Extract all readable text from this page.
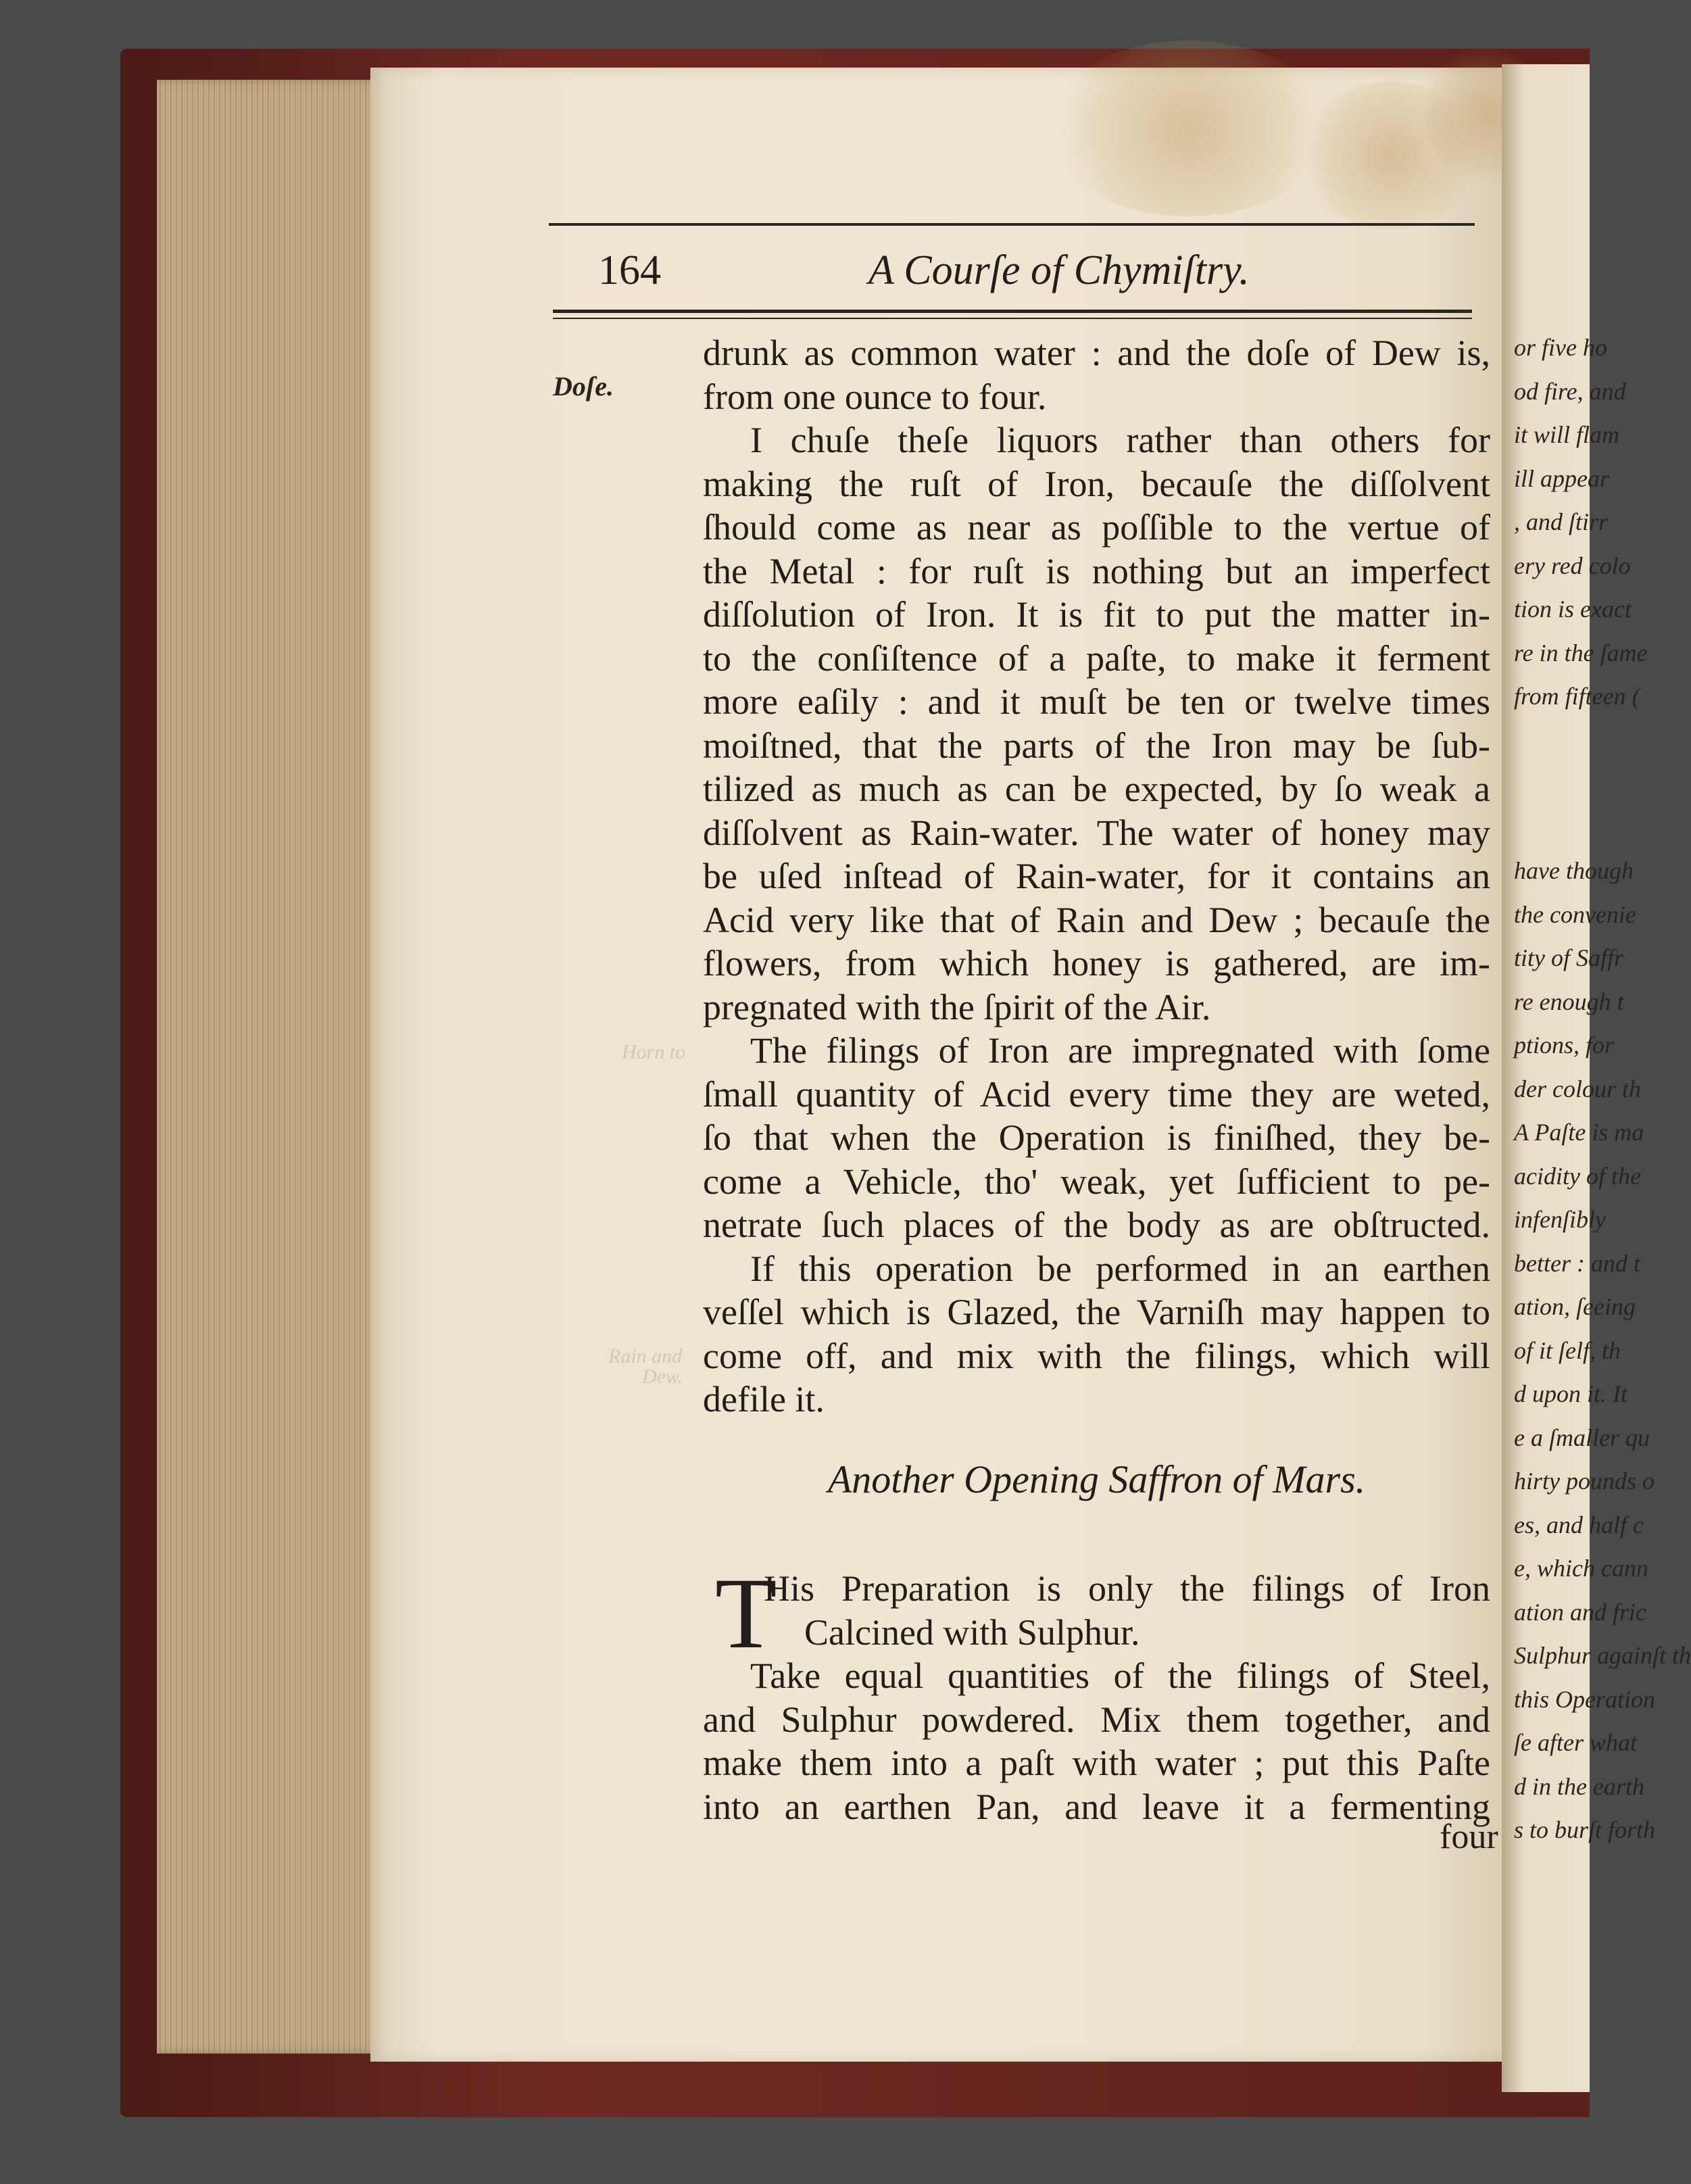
or five ho
od fire, and
it will flam
ill appear
, and ſtirr
ery red colo
tion is exact
re in the ſame
from fifteen (
have though
the convenie
tity of Saffr
re enough t
ptions, for
der colour th
A Paſte is ma
acidity of the
infenſibly
better : and t
ation, ſeeing
of it ſelf, th
d upon it. It
e a ſmaller qu
hirty pounds o
es, and half c
e, which cann
ation and fric
Sulphur againſt th
this Operation
ſe after what
d in the earth
s to burſt forth
Horn to
Rain and
Dew.
164	A Courſe of Chymiſtry.
Doſe.
drunk as common water : and the doſe of Dew is,
from one ounce to four.
I chuſe theſe liquors rather than others for
making the ruſt of Iron, becauſe the diſſolvent
ſhould come as near as poſſible to the vertue of
the Metal : for ruſt is nothing but an imperfect
diſſolution of Iron. It is fit to put the matter in-
to the conſiſtence of a paſte, to make it ferment
more eaſily : and it muſt be ten or twelve times
moiſtned, that the parts of the Iron may be ſub-
tilized as much as can be expected, by ſo weak a
diſſolvent as Rain-water. The water of honey may
be uſed inſtead of Rain-water, for it contains an
Acid very like that of Rain and Dew ; becauſe the
flowers, from which honey is gathered, are im-
pregnated with the ſpirit of the Air.
The filings of Iron are impregnated with ſome
ſmall quantity of Acid every time they are weted,
ſo that when the Operation is finiſhed, they be-
come a Vehicle, tho' weak, yet ſufficient to pe-
netrate ſuch places of the body as are obſtructed.
If this operation be performed in an earthen
veſſel which is Glazed, the Varniſh may happen to
come off, and mix with the filings, which will
defile it.
Another Opening Saffron of Mars.
T
His Preparation is only the filings of Iron
Calcined with Sulphur.
Take equal quantities of the filings of Steel,
and Sulphur powdered. Mix them together, and
make them into a paſt with water ; put this Paſte
into an earthen Pan, and leave it a fermenting
four
